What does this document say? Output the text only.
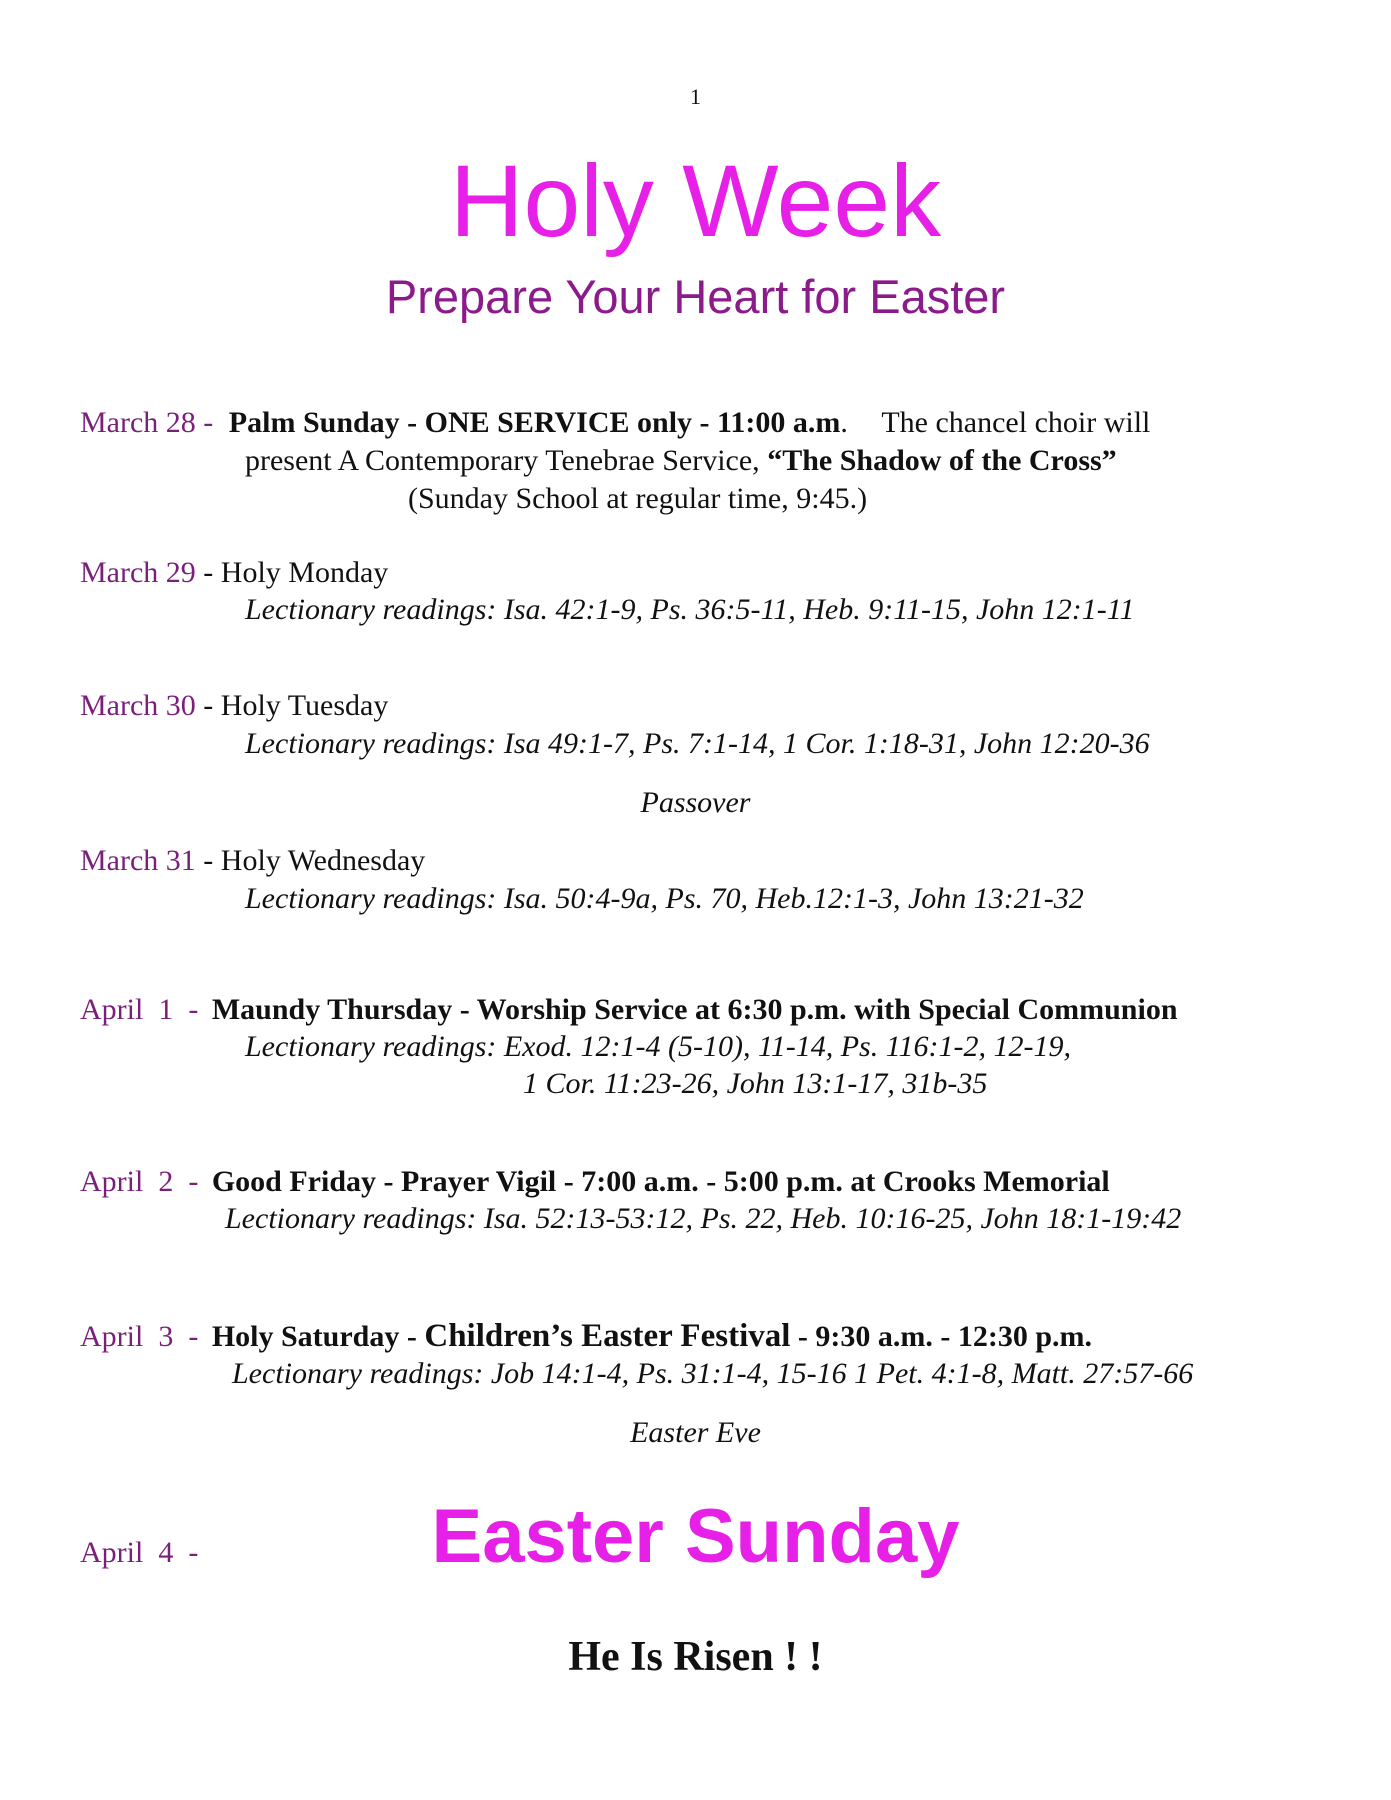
1
Holy Week
Prepare Your Heart for Easter
March 28 - Palm Sunday - ONE SERVICE only - 11:00 a.m. The chancel choir will
present A Contemporary Tenebrae Service, “The Shadow of the Cross”
(Sunday School at regular time, 9:45.)
March 29 - Holy Monday
Lectionary readings: Isa. 42:1-9, Ps. 36:5-11, Heb. 9:11-15, John 12:1-11
March 30 - Holy Tuesday
Lectionary readings: Isa 49:1-7, Ps. 7:1-14, 1 Cor. 1:18-31, John 12:20-36
Passover
March 31 - Holy Wednesday
Lectionary readings: Isa. 50:4-9a, Ps. 70, Heb.12:1-3, John 13:21-32
April  1  - Maundy Thursday - Worship Service at 6:30 p.m. with Special Communion
Lectionary readings: Exod. 12:1-4 (5-10), 11-14, Ps. 116:1-2, 12-19,
1 Cor. 11:23-26, John 13:1-17, 31b-35
April  2  - Good Friday - Prayer Vigil - 7:00 a.m. - 5:00 p.m. at Crooks Memorial
Lectionary readings: Isa. 52:13-53:12, Ps. 22, Heb. 10:16-25, John 18:1-19:42
April  3  - Holy Saturday - Children’s Easter Festival - 9:30 a.m. - 12:30 p.m.
Lectionary readings: Job 14:1-4, Ps. 31:1-4, 15-16 1 Pet. 4:1-8, Matt. 27:57-66
Easter Eve
April  4  -	Easter Sunday
He Is Risen ! !
